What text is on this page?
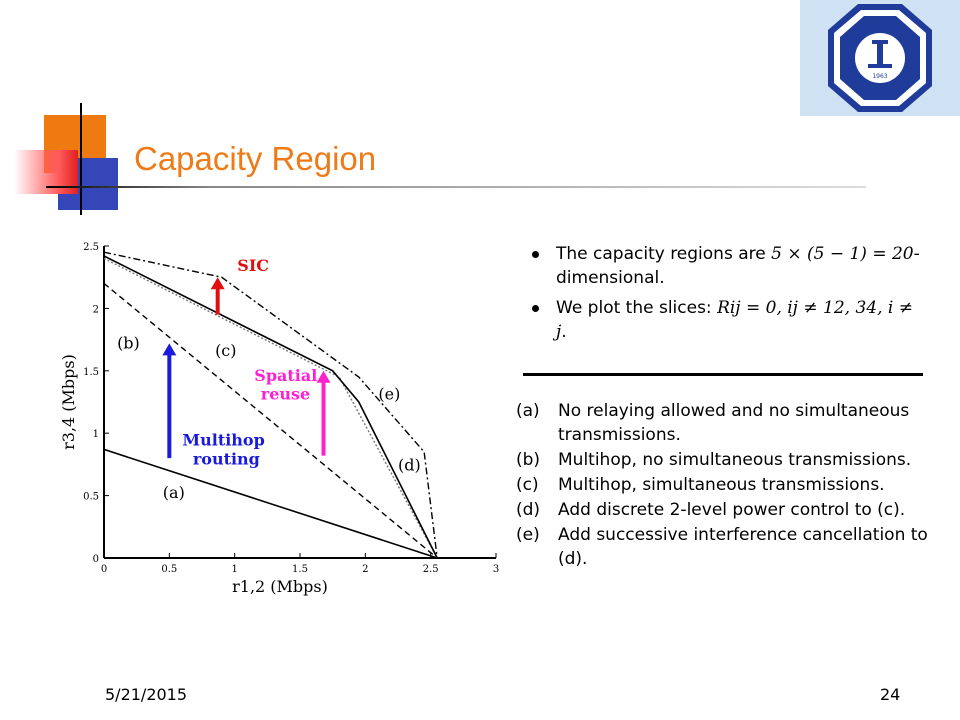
Capacity Region
1963
0	0.5	1	1.5	2	2.5	3
0
0.5
1
1.5
2
2.5
r1,2 (Mbps)
r3,4 (Mbps)
(a)
(b)	(c)
(d)
(e)
SIC
Spatial
reuse
Multihop
routing
The capacity regions are 5 × (5 − 1) = 20-dimensional.
We plot the slices: Rij = 0, ij ≠ 12, 34, i ≠ j.
(a)	No relaying allowed and no simultaneous transmissions.
(b)	Multihop, no simultaneous transmissions.
(c)	Multihop, simultaneous transmissions.
(d)	Add discrete 2-level power control to (c).
(e)	Add successive interference cancellation to (d).
5/21/2015	24
